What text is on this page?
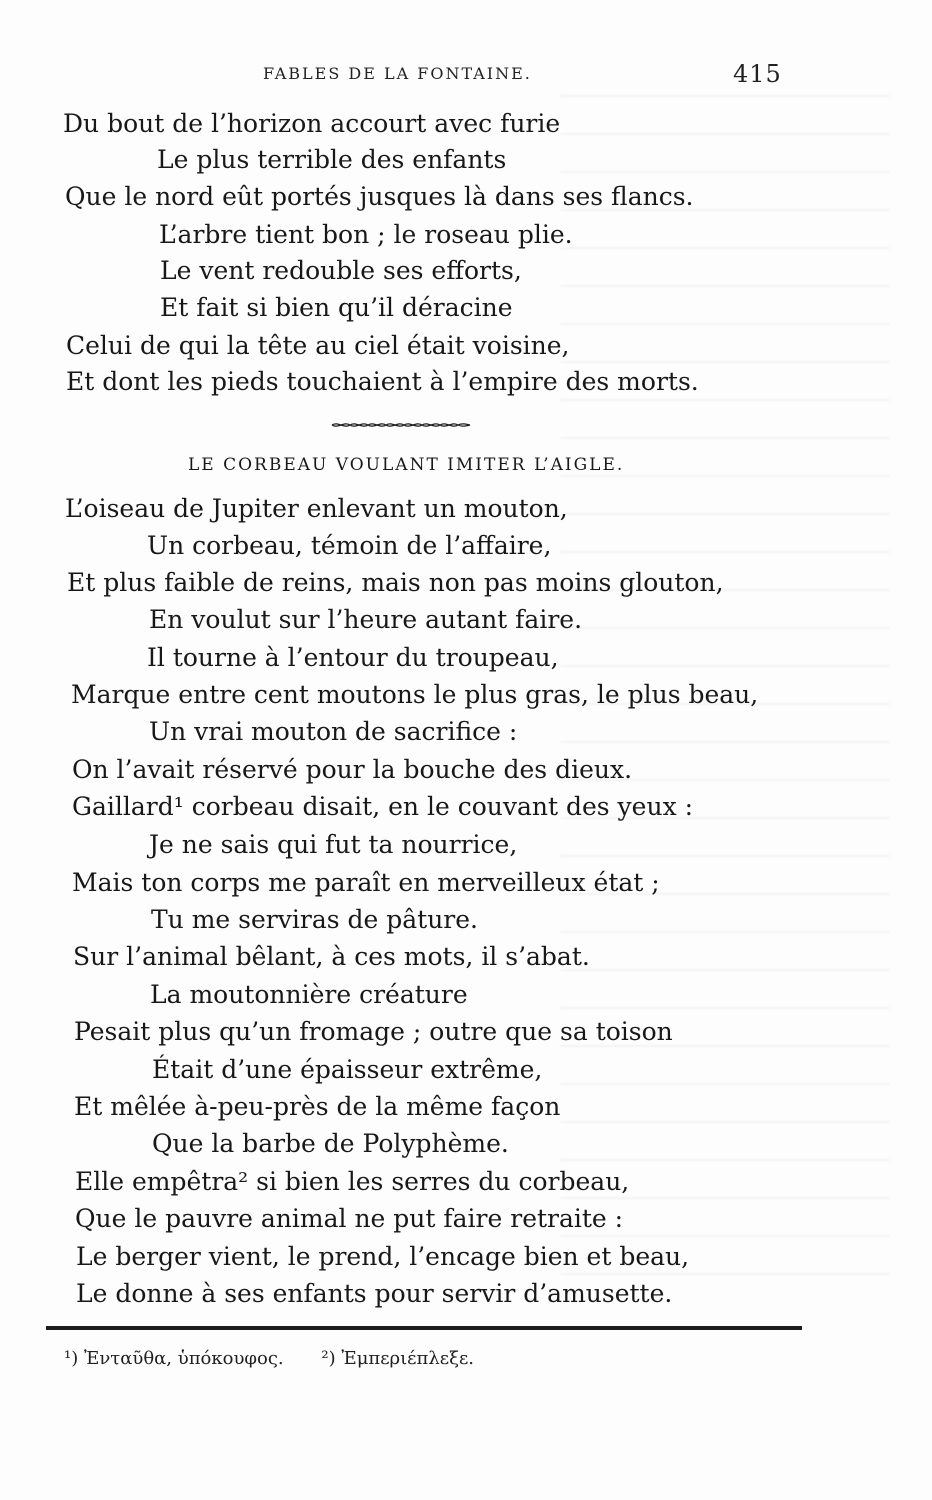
FABLES DE LA FONTAINE.	415
Du bout de l’horizon accourt avec furie
Le plus terrible des enfants
Que le nord eût portés jusques là dans ses flancs.
L’arbre tient bon ; le roseau plie.
Le vent redouble ses efforts,
Et fait si bien qu’il déracine
Celui de qui la tête au ciel était voisine,
Et dont les pieds touchaient à l’empire des morts.
LE CORBEAU VOULANT IMITER L’AIGLE.
L’oiseau de Jupiter enlevant un mouton,
Un corbeau, témoin de l’affaire,
Et plus faible de reins, mais non pas moins glouton,
En voulut sur l’heure autant faire.
Il tourne à l’entour du troupeau,
Marque entre cent moutons le plus gras, le plus beau,
Un vrai mouton de sacrifice :
On l’avait réservé pour la bouche des dieux.
Gaillard¹ corbeau disait, en le couvant des yeux :
Je ne sais qui fut ta nourrice,
Mais ton corps me paraît en merveilleux état ;
Tu me serviras de pâture.
Sur l’animal bêlant, à ces mots, il s’abat.
La moutonnière créature
Pesait plus qu’un fromage ; outre que sa toison
Était d’une épaisseur extrême,
Et mêlée à-peu-près de la même façon
Que la barbe de Polyphème.
Elle empêtra² si bien les serres du corbeau,
Que le pauvre animal ne put faire retraite :
Le berger vient, le prend, l’encage bien et beau,
Le donne à ses enfants pour servir d’amusette.
¹) Ἐνταῦθα, ὑπόκουφος. ²) Ἐμπεριέπλεξε.
